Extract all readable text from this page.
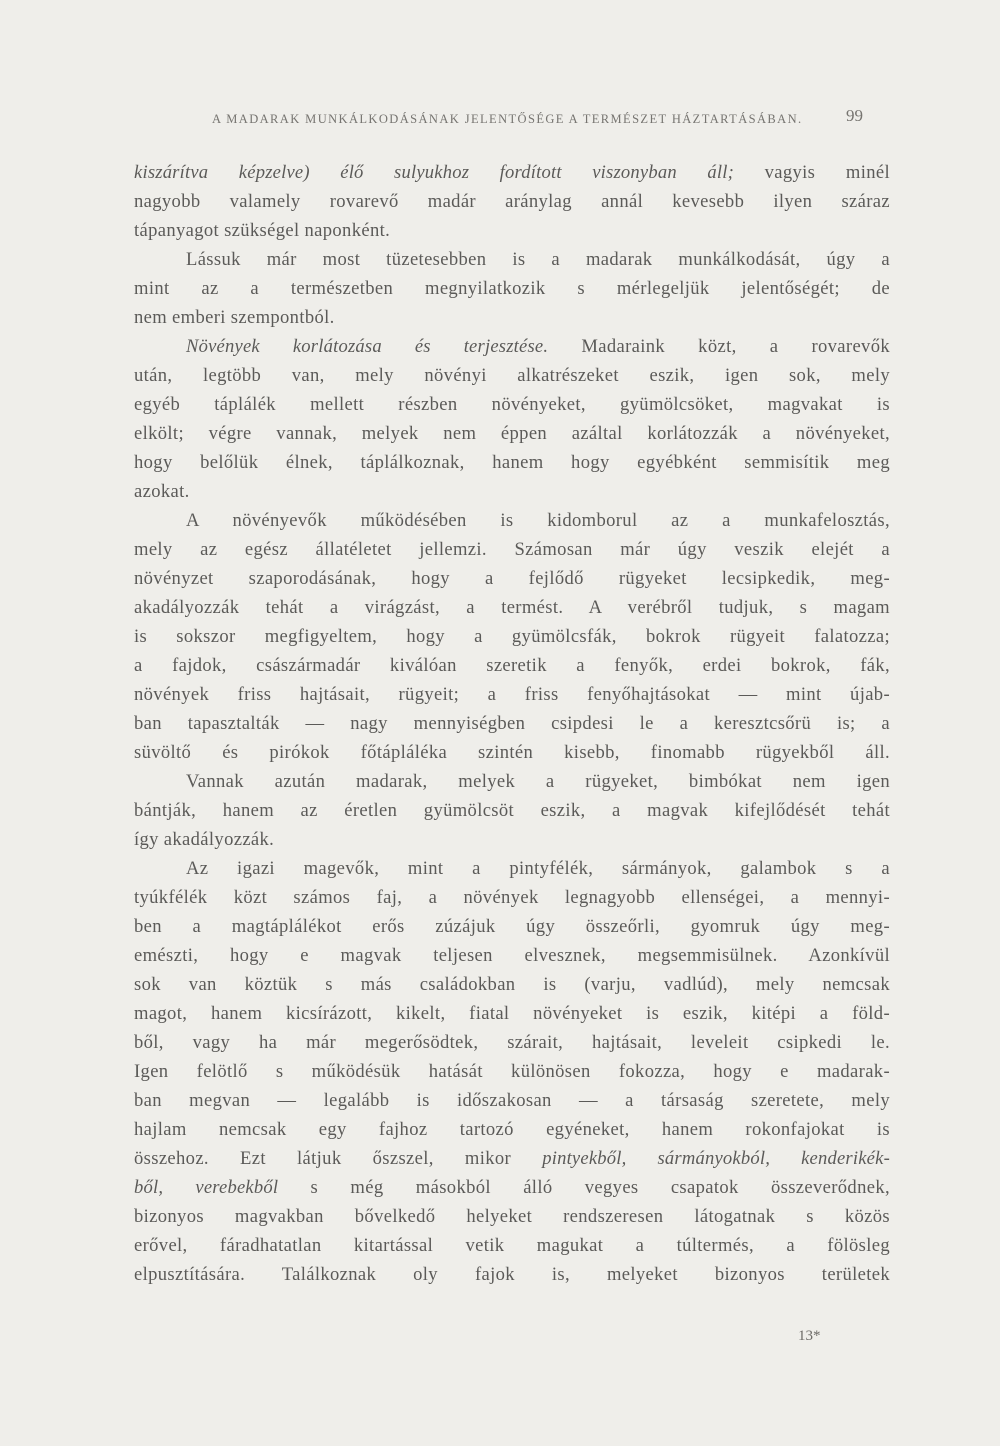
A MADARAK MUNKÁLKODÁSÁNAK JELENTŐSÉGE A TERMÉSZET HÁZTARTÁSÁBAN.	99
kiszárítva képzelve) élő sulyukhoz fordított viszonyban áll; vagyis minél
nagyobb valamely rovarevő madár aránylag annál kevesebb ilyen száraz
tápanyagot szükségel naponként.
Lássuk már most tüzetesebben is a madarak munkálkodását, úgy a
mint az a természetben megnyilatkozik s mérlegeljük jelentőségét; de
nem emberi szempontból.
Növények korlátozása és terjesztése. Madaraink közt, a rovarevők
után, legtöbb van, mely növényi alkatrészeket eszik, igen sok, mely
egyéb táplálék mellett részben növényeket, gyümölcsöket, magvakat is
elkölt; végre vannak, melyek nem éppen azáltal korlátozzák a növényeket,
hogy belőlük élnek, táplálkoznak, hanem hogy egyébként semmisítik meg
azokat.
A növényevők működésében is kidomborul az a munkafelosztás,
mely az egész állatéletet jellemzi. Számosan már úgy veszik elejét a
növényzet szaporodásának, hogy a fejlődő rügyeket lecsipkedik, meg-
akadályozzák tehát a virágzást, a termést. A verébről tudjuk, s magam
is sokszor megfigyeltem, hogy a gyümölcsfák, bokrok rügyeit falatozza;
a fajdok, császármadár kiválóan szeretik a fenyők, erdei bokrok, fák,
növények friss hajtásait, rügyeit; a friss fenyőhajtásokat — mint újab-
ban tapasztalták — nagy mennyiségben csipdesi le a keresztcsőrü is; a
süvöltő és pirókok főtápláléka szintén kisebb, finomabb rügyekből áll.
Vannak azután madarak, melyek a rügyeket, bimbókat nem igen
bántják, hanem az éretlen gyümölcsöt eszik, a magvak kifejlődését tehát
így akadályozzák.
Az igazi magevők, mint a pintyfélék, sármányok, galambok s a
tyúkfélék közt számos faj, a növények legnagyobb ellenségei, a mennyi-
ben a magtáplálékot erős zúzájuk úgy összeőrli, gyomruk úgy meg-
emészti, hogy e magvak teljesen elvesznek, megsemmisülnek. Azonkívül
sok van köztük s más családokban is (varju, vadlúd), mely nemcsak
magot, hanem kicsírázott, kikelt, fiatal növényeket is eszik, kitépi a föld-
ből, vagy ha már megerősödtek, szárait, hajtásait, leveleit csipkedi le.
Igen felötlő s működésük hatását különösen fokozza, hogy e madarak-
ban megvan — legalább is időszakosan — a társaság szeretete, mely
hajlam nemcsak egy fajhoz tartozó egyéneket, hanem rokonfajokat is
összehoz. Ezt látjuk őszszel, mikor pintyekből, sármányokból, kenderikék-
ből, verebekből s még másokból álló vegyes csapatok összeverődnek,
bizonyos magvakban bővelkedő helyeket rendszeresen látogatnak s közös
erővel, fáradhatatlan kitartással vetik magukat a túltermés, a fölösleg
elpusztítására. Találkoznak oly fajok is, melyeket bizonyos területek
13*
